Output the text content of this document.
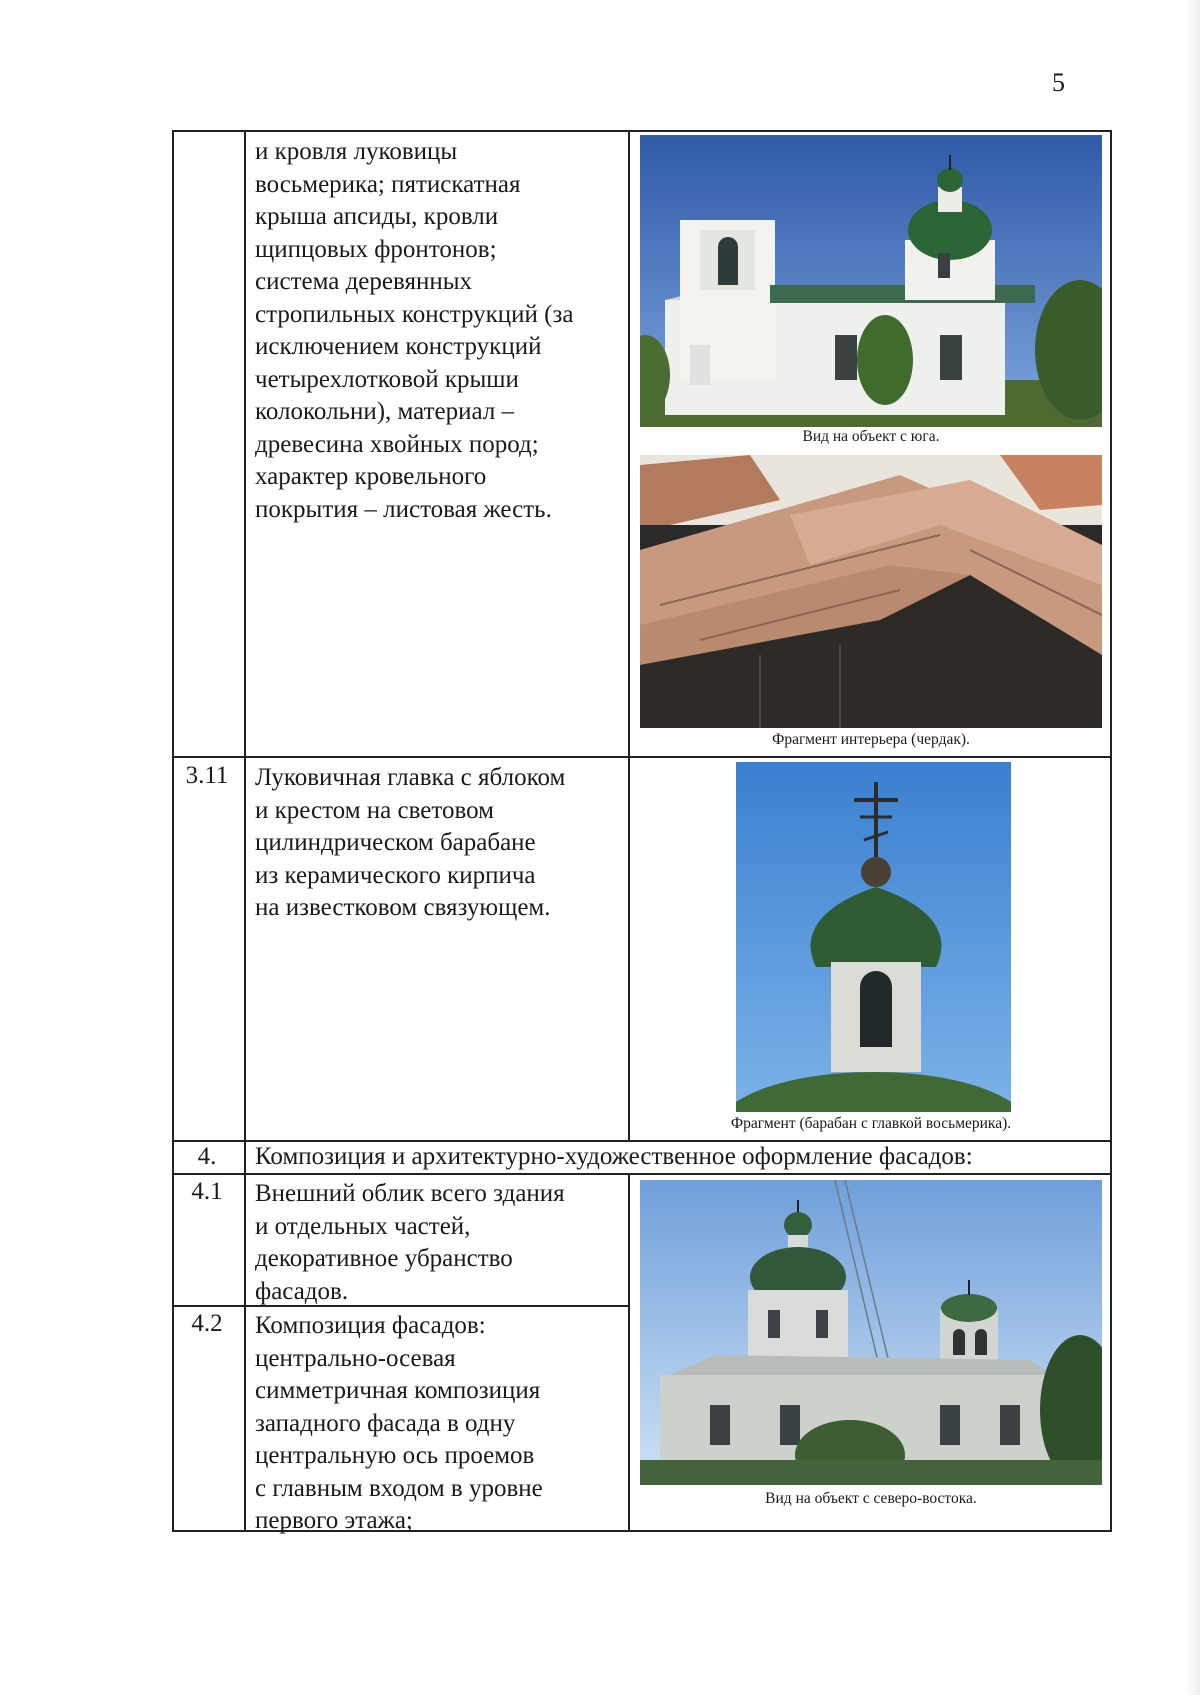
5
и кровля луковицы
восьмерика; пятискатная
крыша апсиды, кровли
щипцовых фронтонов;
система деревянных
стропильных конструкций (за
исключением конструкций
четырехлотковой крыши
колокольни), материал –
древесина хвойных пород;
характер кровельного
покрытия – листовая жесть.
Вид на объект с юга.
Фрагмент интерьера (чердак).
3.11	Луковичная главка с яблоком
и крестом на световом
цилиндрическом барабане
из керамического кирпича
на известковом связующем.
Фрагмент (барабан с главкой восьмерика).
4.	Композиция и архитектурно-художественное оформление фасадов:
4.1	Внешний облик всего здания
и отдельных частей,
декоративное убранство
фасадов.
4.2	Композиция фасадов:
центрально-осевая
симметричная композиция
западного фасада в одну
центральную ось проемов
с главным входом в уровне
первого этажа;
Вид на объект с северо-востока.
